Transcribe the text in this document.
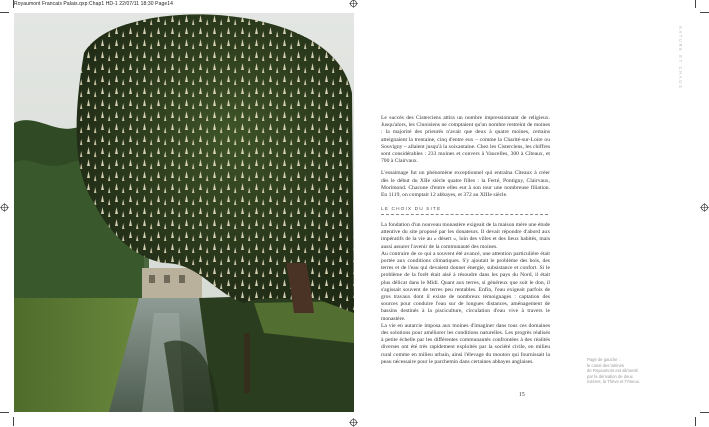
Royaumont Francais Palais.qxp:Chap1 HD-1 22/07/11 18:30 Page14
NATURE ET CHAOS

Le succès des Cisterciens attira un nombre impressionnant de religieux. Jusqu'alors, les Clunisiens ne comptaient qu'un nombre restreint de moines : la majorité des prieurés n'avait que deux à quatre moines, certains atteignaient la trentaine, cinq d'entre eux – comme la Charité-sur-Loire ou Souvigny – allaient jusqu'à la soixantaine. Chez les Cisterciens, les chiffres sont considérables : 233 moines et convers à Vaucelles, 300 à Cîteaux, et 700 à Clairvaux.

L'essaimage fut un phénomène exceptionnel qui entraîna Cîteaux à créer dès le début du XIIe siècle quatre filles : la Ferté, Pontigny, Clairvaux, Morimond. Chacune d'entre elles eut à son tour une nombreuse filiation. En 1119, on comptait 12 abbayes, et 372 au XIIIe siècle.

LE CHOIX DU SITE

La fondation d'un nouveau monastère exigeait de la maison mère une étude attentive du site proposé par les donateurs. Il devait répondre d'abord aux impératifs de la vie au « désert », loin des villes et des lieux habités, mais aussi assurer l'avenir de la communauté des moines.

Au contraire de ce qui a souvent été avancé, une attention particulière était portée aux conditions climatiques. S'y ajoutait le problème des bois, des terres et de l'eau qui devaient donner énergie, subsistance et confort. Si le problème de la forêt était aisé à résoudre dans les pays du Nord, il était plus délicat dans le Midi. Quant aux terres, si généreux que soit le don, il s'agissait souvent de terres peu rentables. Enfin, l'eau exigeait parfois de gros travaux dont il existe de nombreux témoignages : captation des sources pour conduire l'eau sur de longues distances, aménagement de bassins destinés à la pisciculture, circulation d'eau vive à travers le monastère.

La vie en autarcie imposa aux moines d'imaginer dans tous ces domaines des solutions pour améliorer les conditions naturelles. Les progrès réalisés à petite échelle par les différentes communautés confrontées à des réalités diverses ont été très rapidement exploités par la société civile, en milieu rural comme en milieu urbain, ainsi l'élevage du mouton qui fournissait la peau nécessaire pour le parchemin dans certaines abbayes anglaises.	Page de gauche :

le canal des latrines

de Royaumont est alimenté

par la dérivation de deux

rivières, la Thève et l'Ysieux.

15
